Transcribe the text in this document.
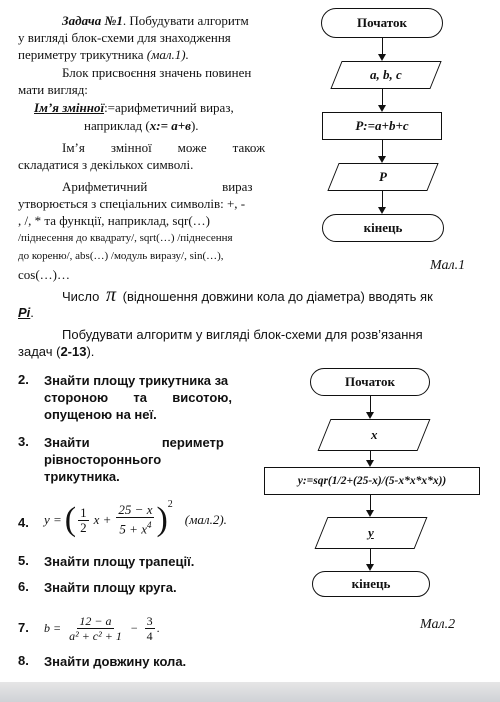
Задача №1. Побудувати алгоритм
у вигляді блок-схеми для знаходження
периметру трикутника (мал.1).
Блок присвоєння значень повинен
мати вигляд:
Ім’я змінної:=арифметичний вираз,
наприклад (x:= a+в).
Ім’я        змінної        може        також
складатися з декількох символі.
Арифметичний                       вираз
утворюється з спеціальних символів: +, -
, /, * та функції, наприклад, sqr(…)
/піднесення до квадрату/, sqrt(…) /піднесення
до кореню/, abs(…) /модуль виразу/, sin(…),
cos(…)…
Число π (відношення довжини кола до діаметра) вводять як
Pi.
Побудувати алгоритм у вигляді блок-схеми для розв’язання
задач (2-13).
Початок
a, b, c
P:=a+b+c
P
кінець
Мал.1
2. Знайти площу трикутника за
стороною       та       висотою,
опущеною на неї.
3. Знайти                    периметр
рівностороннього
трикутника.
4. y = ( $\frac{1}{2}$ $x + \frac{25 - x}{5 + x^4} )^2$
(мал.2).
5. Знайти площу трапеції.
6. Знайти площу круга.
7. $b = \frac{12 - a}{\text{a² + c² + 1}} - \frac{3}{4}$ .
8. Знайти довжину кола.
Початок
x
y:=sqr(1/2+(25-x)/(5-x*x*x*x))
y
кінець
Мал.2
